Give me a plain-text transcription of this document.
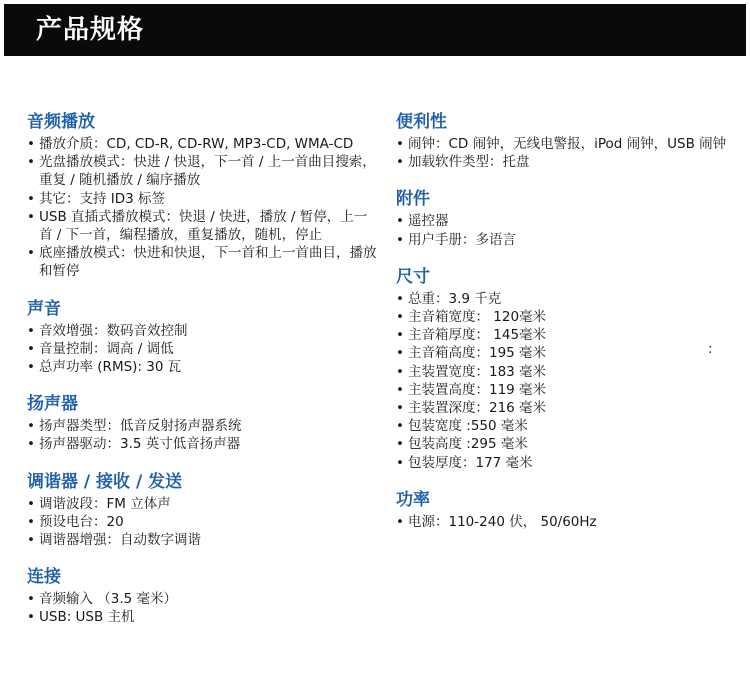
产品规格
音频播放
• 播放介质：CD, CD-R, CD-RW, MP3-CD, WMA-CD
• 光盘播放模式：快进 / 快退，下一首 / 上一首曲目搜索，重复 / 随机播放 / 编序播放
• 其它：支持 ID3 标签
• USB 直插式播放模式：快退 / 快进，播放 / 暂停，上一首 / 下一首，编程播放，重复播放，随机，停止
• 底座播放模式：快进和快退，下一首和上一首曲目，播放和暂停
声音
• 音效增强：数码音效控制
• 音量控制：调高 / 调低
• 总声功率 (RMS): 30 瓦
扬声器
• 扬声器类型：低音反射扬声器系统
• 扬声器驱动：3.5 英寸低音扬声器
调谐器 / 接收 / 发送
• 调谐波段：FM 立体声
• 预设电台：20
• 调谐器增强：自动数字调谐
连接
• 音频输入 （3.5 毫米）
• USB: USB 主机
便利性
• 闹钟：CD 闹钟，无线电警报，iPod 闹钟，USB 闹钟
• 加载软件类型：托盘
附件
• 遥控器
• 用户手册：多语言
尺寸
• 总重：3.9 千克
• 主音箱宽度： 120毫米
• 主音箱厚度： 145毫米
• 主音箱高度：195 毫米
• 主装置宽度：183 毫米
• 主装置高度：119 毫米
• 主装置深度：216 毫米
• 包装宽度 :550 毫米
• 包装高度 :295 毫米
• 包装厚度：177 毫米
功率
• 电源：110-240 伏， 50/60Hz
:
